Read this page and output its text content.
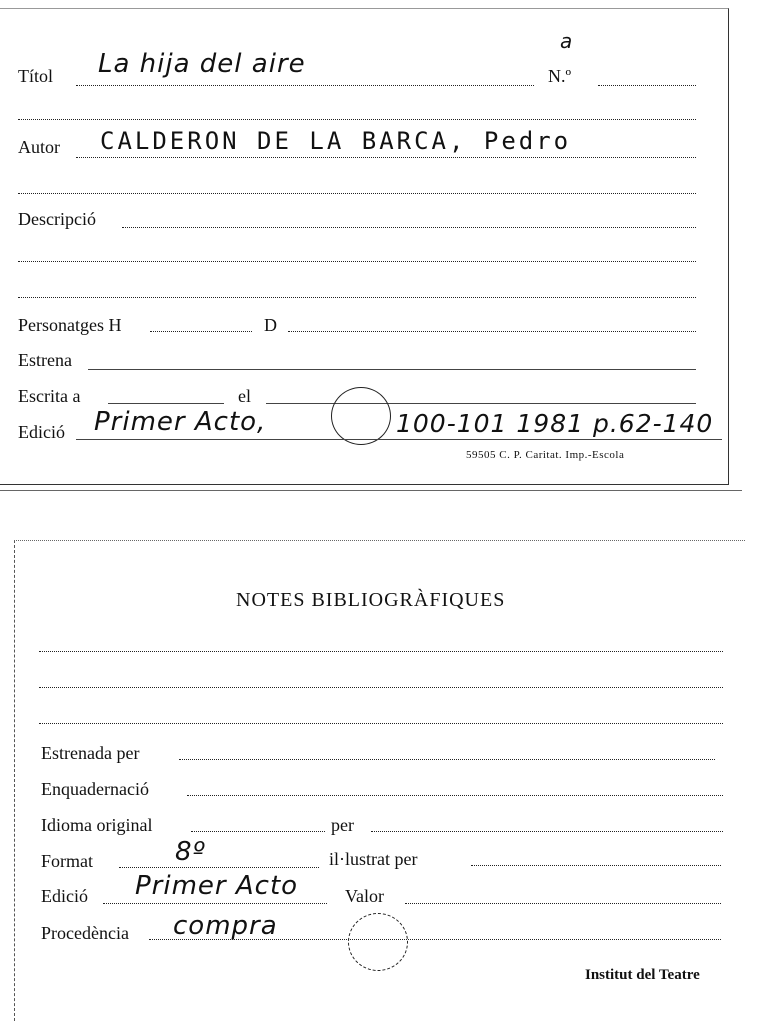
a
Títol La hija del aire	N.º
Autor CALDERON DE LA BARCA, Pedro
Descripció
Personatges H	D
Estrena
Escrita a	el
Edició Primer Acto,	100-101 1981 p.62-140
59505 C. P. Caritat. Imp.-Escola
NOTES BIBLIOGRÀFIQUES
Estrenada per
Enquadernació
Idioma original	per
Format	8º	il·lustrat per
Edició Primer Acto	Valor
Procedència compra
Institut del Teatre
